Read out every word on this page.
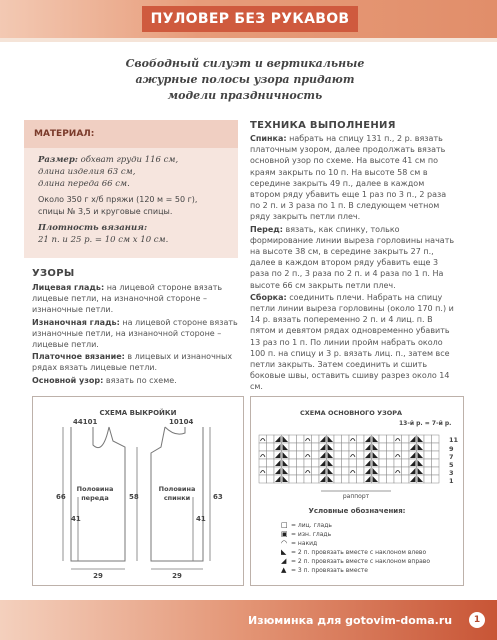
ПУЛОВЕР БЕЗ РУКАВОВ
Свободный силуэт и вертикальные
ажурные полосы узора придают
модели праздничность
МАТЕРИАЛ:

Размер: обхват груди 116 см,
длина изделия 63 см,
длина переда 66 см.

Около 350 г х/б пряжи (120 м = 50 г),
спицы № 3,5 и круговые спицы.

Плотность вязания:
21 п. и 25 р. = 10 см х 10 см.

УЗОРЫ

Лицевая гладь: на лицевой стороне вязать лицевые петли, на изнаночной стороне – изнаночные петли.

Изнаночная гладь: на лицевой стороне вязать изнаночные петли, на изнаночной стороне – лицевые петли.

Платочное вязание: в лицевых и изнаночных рядах вязать лицевые петли.

Основной узор: вязать по схеме.

ТЕХНИКА ВЫПОЛНЕНИЯ

Спинка: набрать на спицу 131 п., 2 р. вязать платочным узором, далее продолжать вязать основной узор по схеме. На высоте 41 см по краям закрыть по 10 п. На высоте 58 см в середине закрыть 49 п., далее в каждом втором ряду убавить еще 1 раз по 3 п., 2 раза по 2 п. и 3 раза по 1 п. В следующем четном ряду закрыть петли плеч.

Перед: вязать, как спинку, только формирование линии выреза горловины начать на высоте 38 см, в середине закрыть 27 п., далее в каждом втором ряду убавить еще 3 раза по 2 п., 3 раза по 2 п. и 4 раза по 1 п. На высоте 66 см закрыть петли плеч.

Сборка: соединить плечи. Набрать на спицу петли линии выреза горловины (около 170 п.) и 14 р. вязать попеременно 2 п. и 4 лиц. п. В пятом и девятом рядах одновременно убавить 13 раз по 1 п. По линии пройм набрать около 100 п. на спицу и 3 р. вязать лиц. п., затем все петли закрыть. Затем соединить и сшить боковые швы, оставить сшиву разрез около 14 см.

СХЕМА ВЫКРОЙКИ
44101	10104
Половина
переда
Половина
спинки
66
41
58	63
41
29	29
СХЕМА ОСНОВНОГО УЗОРА
13-й р. = 7-й р.
11
9
7
5
3
1
раппорт
Условные обозначения:
□ = лиц. гладь
▣ = изн. гладь
◠ = накид
◣ = 2 п. провязать вместе с наклоном влево
◢ = 2 п. провязать вместе с наклоном вправо
▲ = 3 п. провязать вместе
Изюминка для gotovim-doma.ru	1
